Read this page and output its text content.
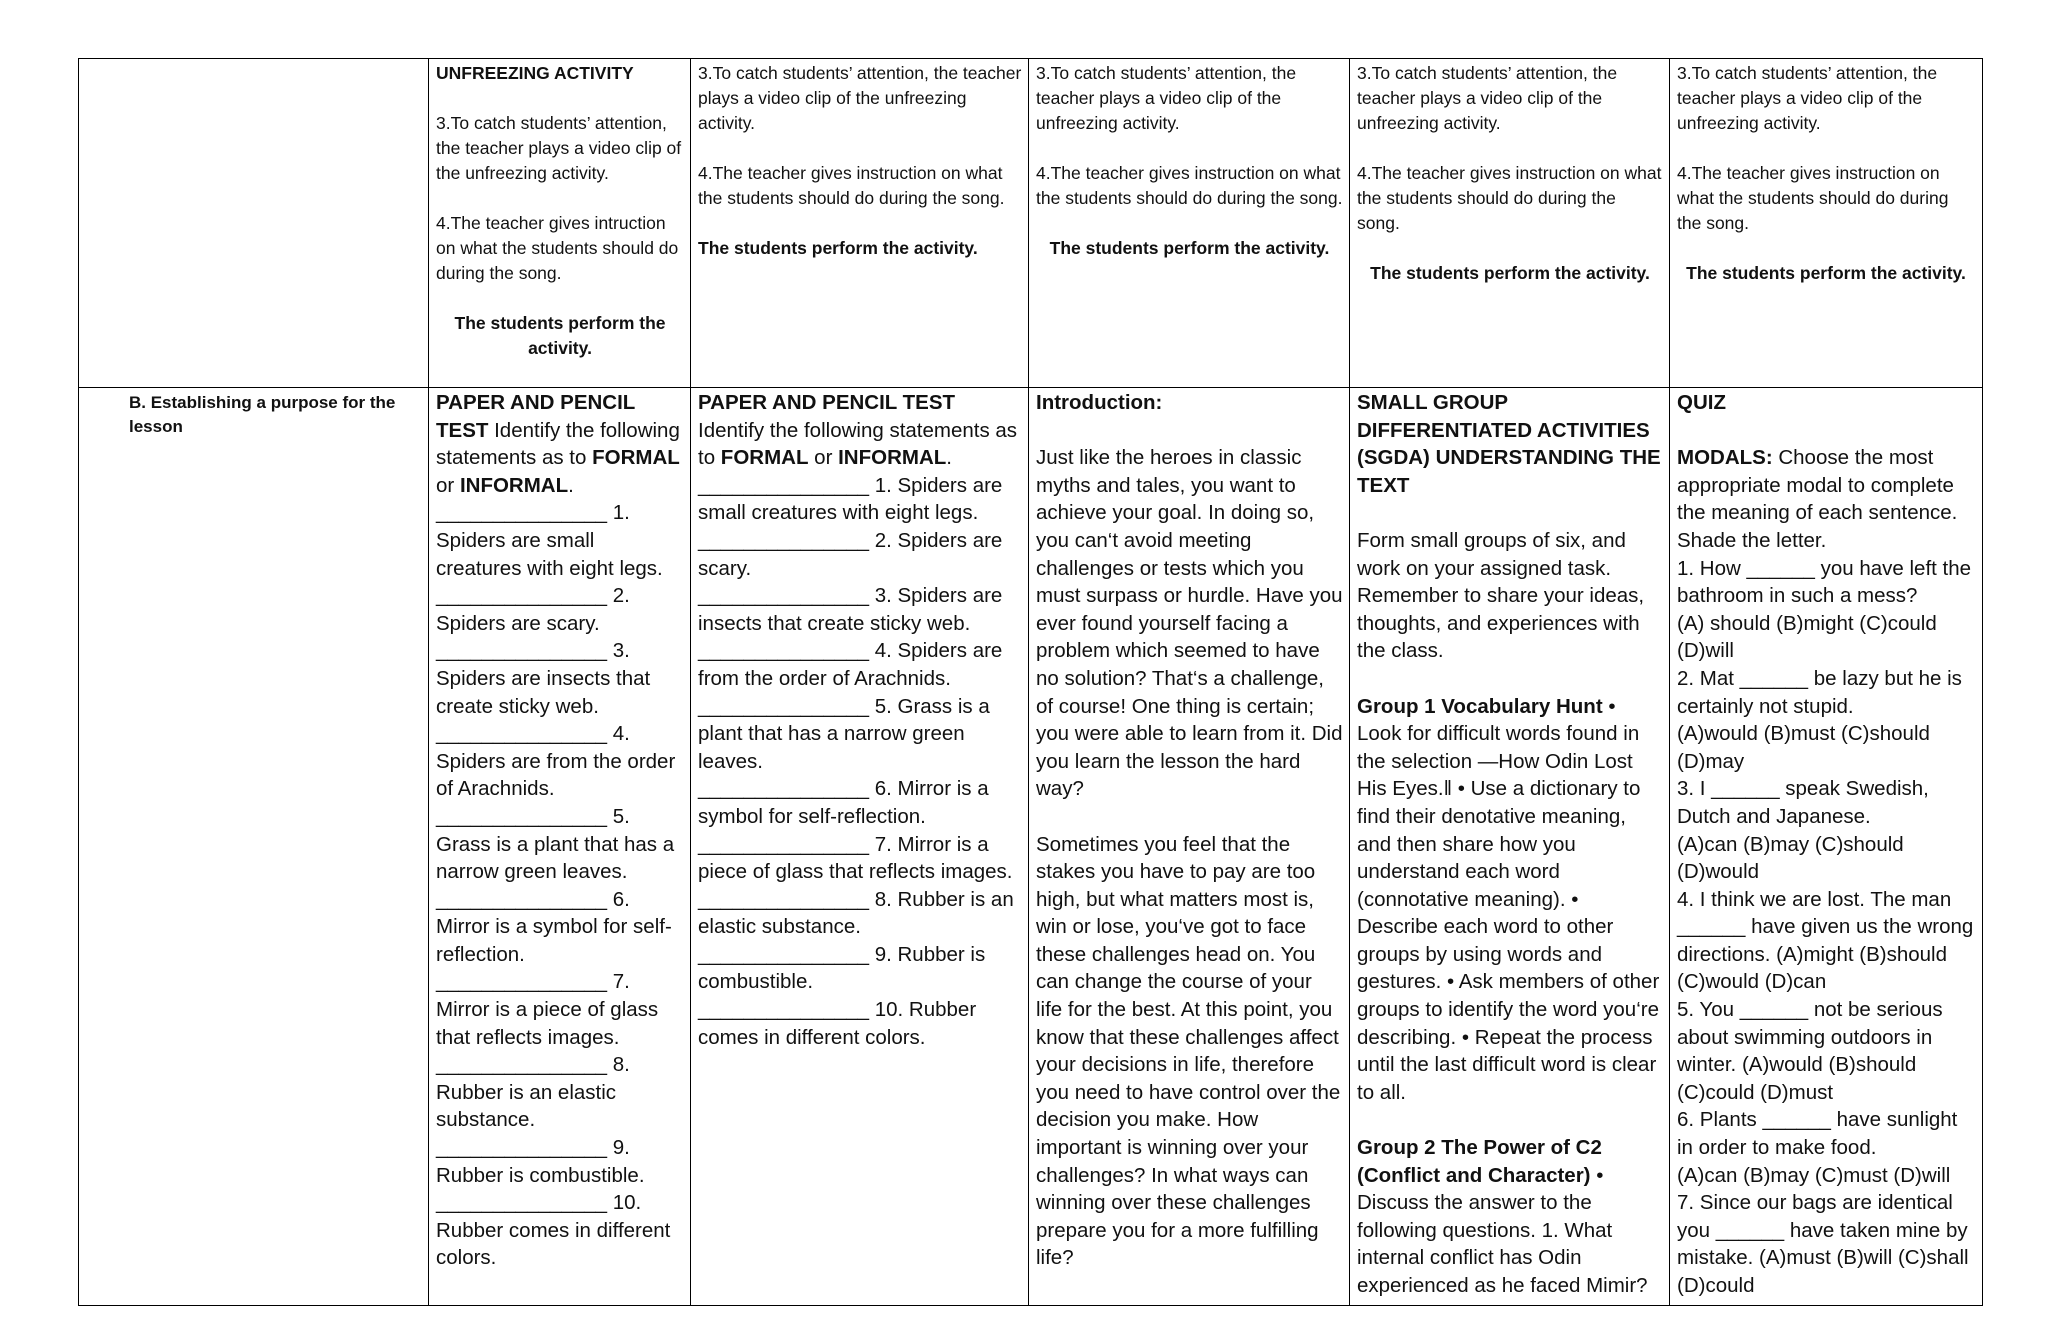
UNFREEZING ACTIVITY

3.To catch students’ attention, the teacher plays a video clip of the unfreezing activity.

4.The teacher gives intruction on what the students should do during the song.

The students perform the activity.

3.To catch students’ attention, the teacher plays a video clip of the unfreezing activity.

4.The teacher gives instruction on what the students should do during the song.

The students perform the activity.

3.To catch students’ attention, the teacher plays a video clip of the unfreezing activity.

4.The teacher gives instruction on what the students should do during the song.

The students perform the activity.

3.To catch students’ attention, the teacher plays a video clip of the unfreezing activity.

4.The teacher gives instruction on what the students should do during the song.

The students perform the activity.

3.To catch students’ attention, the teacher plays a video clip of the unfreezing activity.

4.The teacher gives instruction on what the students should do during the song.

The students perform the activity.

B. Establishing a purpose for the lesson

PAPER AND PENCIL TEST Identify the following statements as to FORMAL or INFORMAL.

_______________ 1. Spiders are small creatures with eight legs.

_______________ 2. Spiders are scary.

_______________ 3. Spiders are insects that create sticky web.

_______________ 4. Spiders are from the order of Arachnids.

_______________ 5. Grass is a plant that has a narrow green leaves.

_______________ 6. Mirror is a symbol for self-reflection.

_______________ 7. Mirror is a piece of glass that reflects images.

_______________ 8. Rubber is an elastic substance.

_______________ 9. Rubber is combustible.

_______________ 10. Rubber comes in different colors.

PAPER AND PENCIL TEST

Identify the following statements as to FORMAL or INFORMAL.

_______________ 1. Spiders are small creatures with eight legs.

_______________ 2. Spiders are scary.

_______________ 3. Spiders are insects that create sticky web.

_______________ 4. Spiders are from the order of Arachnids.

_______________ 5. Grass is a plant that has a narrow green leaves.

_______________ 6. Mirror is a symbol for self-reflection.

_______________ 7. Mirror is a piece of glass that reflects images.

_______________ 8. Rubber is an elastic substance.

_______________ 9. Rubber is combustible.

_______________ 10. Rubber comes in different colors.

Introduction:

Just like the heroes in classic myths and tales, you want to achieve your goal. In doing so, you can‘t avoid meeting challenges or tests which you must surpass or hurdle. Have you ever found yourself facing a problem which seemed to have no solution? That‘s a challenge, of course! One thing is certain; you were able to learn from it. Did you learn the lesson the hard way?

Sometimes you feel that the stakes you have to pay are too high, but what matters most is, win or lose, you‘ve got to face these challenges head on. You can change the course of your life for the best. At this point, you know that these challenges affect your decisions in life, therefore you need to have control over the decision you make. How important is winning over your challenges? In what ways can winning over these challenges prepare you for a more fulfilling life?

SMALL GROUP DIFFERENTIATED ACTIVITIES (SGDA) UNDERSTANDING THE TEXT

Form small groups of six, and work on your assigned task. Remember to share your ideas, thoughts, and experiences with the class.

Group 1 Vocabulary Hunt • Look for difficult words found in the selection ―How Odin Lost His Eyes.‖ • Use a dictionary to find their denotative meaning, and then share how you understand each word (connotative meaning). • Describe each word to other groups by using words and gestures. • Ask members of other groups to identify the word you‘re describing. • Repeat the process until the last difficult word is clear to all.

Group 2 The Power of C2 (Conflict and Character) • Discuss the answer to the following questions. 1. What internal conflict has Odin experienced as he faced Mimir?

QUIZ

MODALS: Choose the most appropriate modal to complete the meaning of each sentence. Shade the letter.

1. How ______ you have left the bathroom in such a mess?

(A) should (B)might (C)could (D)will

2. Mat ______ be lazy but he is certainly not stupid.

(A)would (B)must (C)should (D)may

3. I ______ speak Swedish, Dutch and Japanese.

(A)can (B)may (C)should (D)would

4. I think we are lost. The man ______ have given us the wrong directions. (A)might (B)should (C)would (D)can

5. You ______ not be serious about swimming outdoors in winter. (A)would (B)should (C)could (D)must

6. Plants ______ have sunlight in order to make food.

(A)can (B)may (C)must (D)will

7. Since our bags are identical you ______ have taken mine by mistake. (A)must (B)will (C)shall (D)could
